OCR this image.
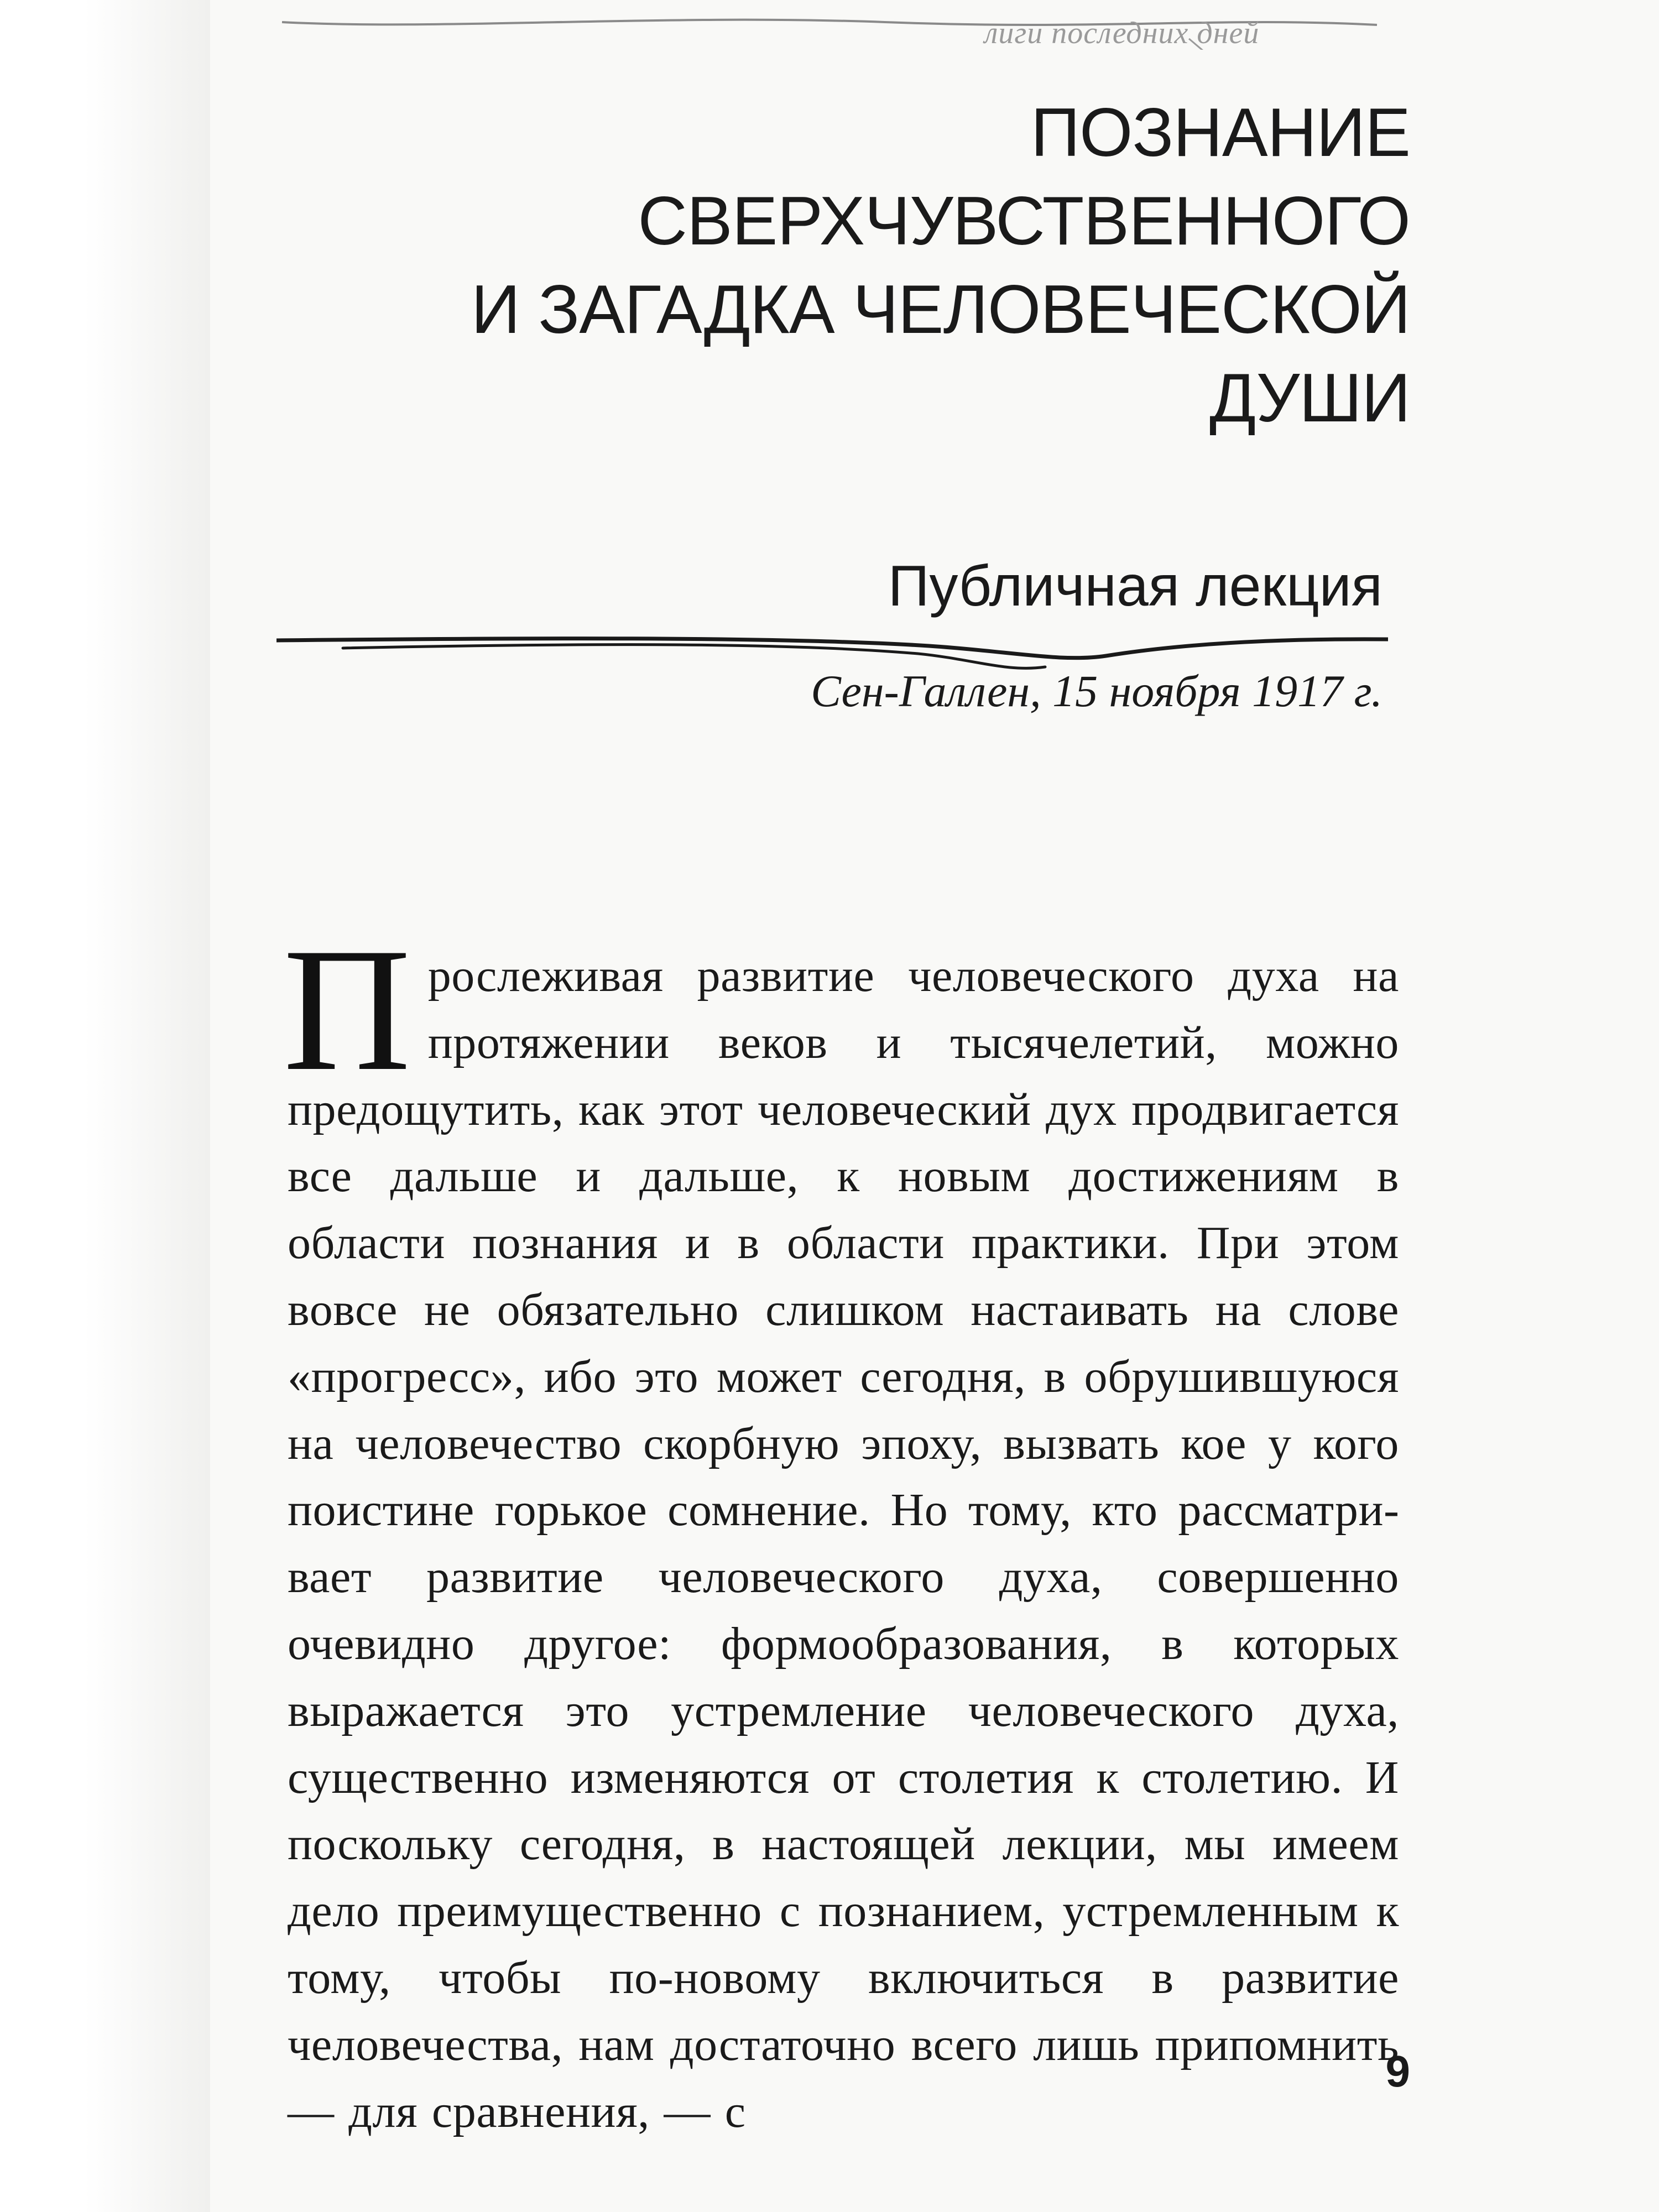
лиги последних дней
ПОЗНАНИЕ СВЕРХЧУВСТВЕННОГО
И ЗАГАДКА ЧЕЛОВЕЧЕСКОЙ ДУШИ
Публичная лекция
Сен-Галлен, 15 ноября 1917 г.
Прослеживая развитие человеческого духа на протяжении веков и тысячелетий, можно предощутить, как этот человеческий дух продвигается все дальше и дальше, к новым достижениям в области познания и в области практики. При этом вовсе не обязательно слишком настаивать на слове «прогресс», ибо это может сегодня, в обрушившуюся на человечество скорбную эпоху, вызвать кое у кого поистине горькое сомнение. Но тому, кто рассматривает развитие человеческого духа, совершенно очевидно другое: формообразования, в которых выражается это устремление человеческого духа, существенно изменяются от столетия к столетию. И поскольку сегодня, в настоящей лекции, мы имеем дело преимущественно с познанием, устремленным к тому, чтобы по-новому включиться в развитие человечества, нам достаточно всего лишь припомнить — для сравнения, — с
9
